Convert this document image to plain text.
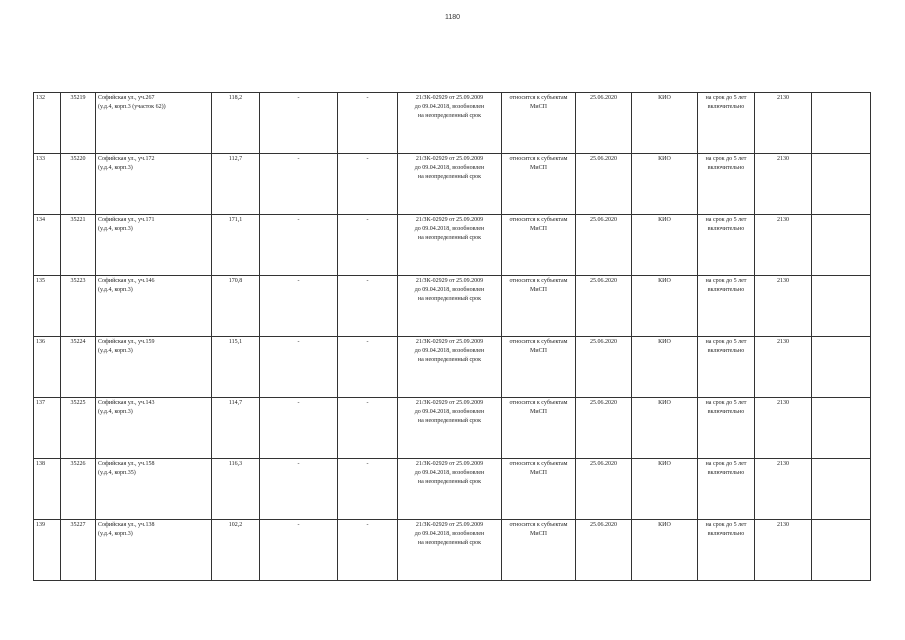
1180
132	35219	Софийская ул., уч.267
(у.д.4, корп.3 (участок 62))	118,2	-	-	21/ЗК-02929 от 25.09.2009
до 09.04.2018, возобновлен
на неопределенный срок	относится к субъектам
МиСП	25.06.2020	КИО	на срок до 5 лет
включительно	2130	
133	35220	Софийская ул., уч.172
(у.д.4, корп.3)	112,7	-	-	21/ЗК-02929 от 25.09.2009
до 09.04.2018, возобновлен
на неопределенный срок	относится к субъектам
МиСП	25.06.2020	КИО	на срок до 5 лет
включительно	2130	
134	35221	Софийская ул., уч.171
(у.д.4, корп.3)	171,1	-	-	21/ЗК-02929 от 25.09.2009
до 09.04.2018, возобновлен
на неопределенный срок	относится к субъектам
МиСП	25.06.2020	КИО	на срок до 5 лет
включительно	2130	
135	35223	Софийская ул., уч.146
(у.д.4, корп.3)	170,8	-	-	21/ЗК-02929 от 25.09.2009
до 09.04.2018, возобновлен
на неопределенный срок	относится к субъектам
МиСП	25.06.2020	КИО	на срок до 5 лет
включительно	2130	
136	35224	Софийская ул., уч.159
(у.д.4, корп.3)	115,1	-	-	21/ЗК-02929 от 25.09.2009
до 09.04.2018, возобновлен
на неопределенный срок	относится к субъектам
МиСП	25.06.2020	КИО	на срок до 5 лет
включительно	2130	
137	35225	Софийская ул., уч.143
(у.д.4, корп.3)	114,7	-	-	21/ЗК-02929 от 25.09.2009
до 09.04.2018, возобновлен
на неопределенный срок	относится к субъектам
МиСП	25.06.2020	КИО	на срок до 5 лет
включительно	2130	
138	35226	Софийская ул., уч.158
(у.д.4, корп.35)	116,3	-	-	21/ЗК-02929 от 25.09.2009
до 09.04.2018, возобновлен
на неопределенный срок	относится к субъектам
МиСП	25.06.2020	КИО	на срок до 5 лет
включительно	2130	
139	35227	Софийская ул., уч.138
(у.д.4, корп.3)	102,2	-	-	21/ЗК-02929 от 25.09.2009
до 09.04.2018, возобновлен
на неопределенный срок	относится к субъектам
МиСП	25.06.2020	КИО	на срок до 5 лет
включительно	2130	
